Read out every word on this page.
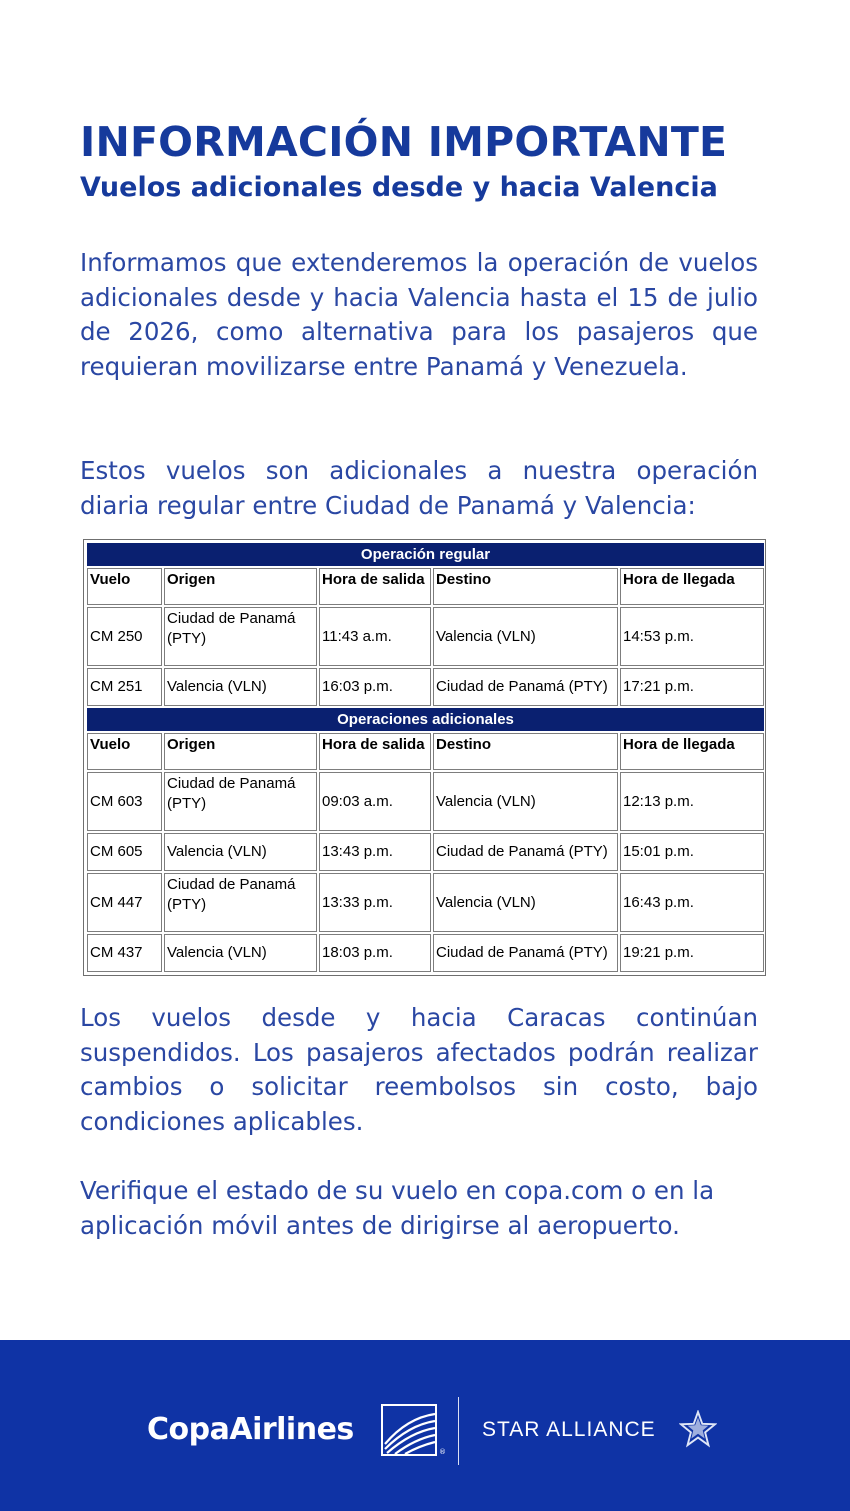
INFORMACIÓN IMPORTANTE
Vuelos adicionales desde y hacia Valencia

Informamos que extenderemos la operación de vuelos adicionales desde y hacia Valencia hasta el 15 de julio de 2026, como alternativa para los pasajeros que requieran movilizarse entre Panamá y Venezuela.

Estos vuelos son adicionales a nuestra operación diaria regular entre Ciudad de Panamá y Valencia:

Operación regular				
Vuelo	Origen	Hora de salida	Destino	Hora de llegada
CM 250	Ciudad de Panamá (PTY)	11:43 a.m.	Valencia (VLN)	14:53 p.m.
CM 251	Valencia (VLN)	16:03 p.m.	Ciudad de Panamá (PTY)	17:21 p.m.
Operaciones adicionales				
Vuelo	Origen	Hora de salida	Destino	Hora de llegada
CM 603	Ciudad de Panamá (PTY)	09:03 a.m.	Valencia (VLN)	12:13 p.m.
CM 605	Valencia (VLN)	13:43 p.m.	Ciudad de Panamá (PTY)	15:01 p.m.
CM 447	Ciudad de Panamá (PTY)	13:33 p.m.	Valencia (VLN)	16:43 p.m.
CM 437	Valencia (VLN)	18:03 p.m.	Ciudad de Panamá (PTY)	19:21 p.m.

Los vuelos desde y hacia Caracas continúan suspendidos. Los pasajeros afectados podrán realizar cambios o solicitar reembolsos sin costo, bajo condiciones aplicables.

Verifique el estado de su vuelo en copa.com o en la aplicación móvil antes de dirigirse al aeropuerto.

CopaAirlines
®
STAR ALLIANCE
